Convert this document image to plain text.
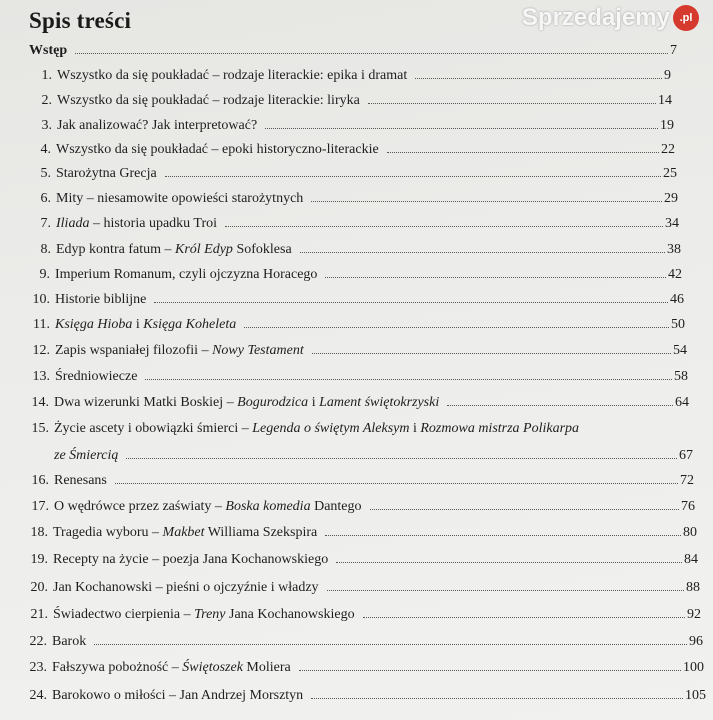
Spis treści
Wstęp	7
1. Wszystko da się poukładać – rodzaje literackie: epika i dramat	9
2. Wszystko da się poukładać – rodzaje literackie: liryka	14
3. Jak analizować? Jak interpretować?	19
4. Wszystko da się poukładać – epoki historyczno-literackie	22
5. Starożytna Grecja	25
6. Mity – niesamowite opowieści starożytnych	29
7. Iliada – historia upadku Troi	34
8. Edyp kontra fatum – Król Edyp Sofoklesa	38
9. Imperium Romanum, czyli ojczyzna Horacego	42
10. Historie biblijne	46
11. Księga Hioba i Księga Koheleta	50
12. Zapis wspaniałej filozofii – Nowy Testament	54
13. Średniowiecze	58
14. Dwa wizerunki Matki Boskiej – Bogurodzica i Lament świętokrzyski	64
15. Życie ascety i obowiązki śmierci – Legenda o świętym Aleksym i Rozmowa mistrza Polikarpa
ze Śmiercią	67
16. Renesans	72
17. O wędrówce przez zaświaty – Boska komedia Dantego	76
18. Tragedia wyboru – Makbet Williama Szekspira	80
19. Recepty na życie – poezja Jana Kochanowskiego	84
20. Jan Kochanowski – pieśni o ojczyźnie i władzy	88
21. Świadectwo cierpienia – Treny Jana Kochanowskiego	92
22. Barok	96
23. Fałszywa pobożność – Świętoszek Moliera	100
24. Barokowo o miłości – Jan Andrzej Morsztyn	105
Sprzedajemy .pl
